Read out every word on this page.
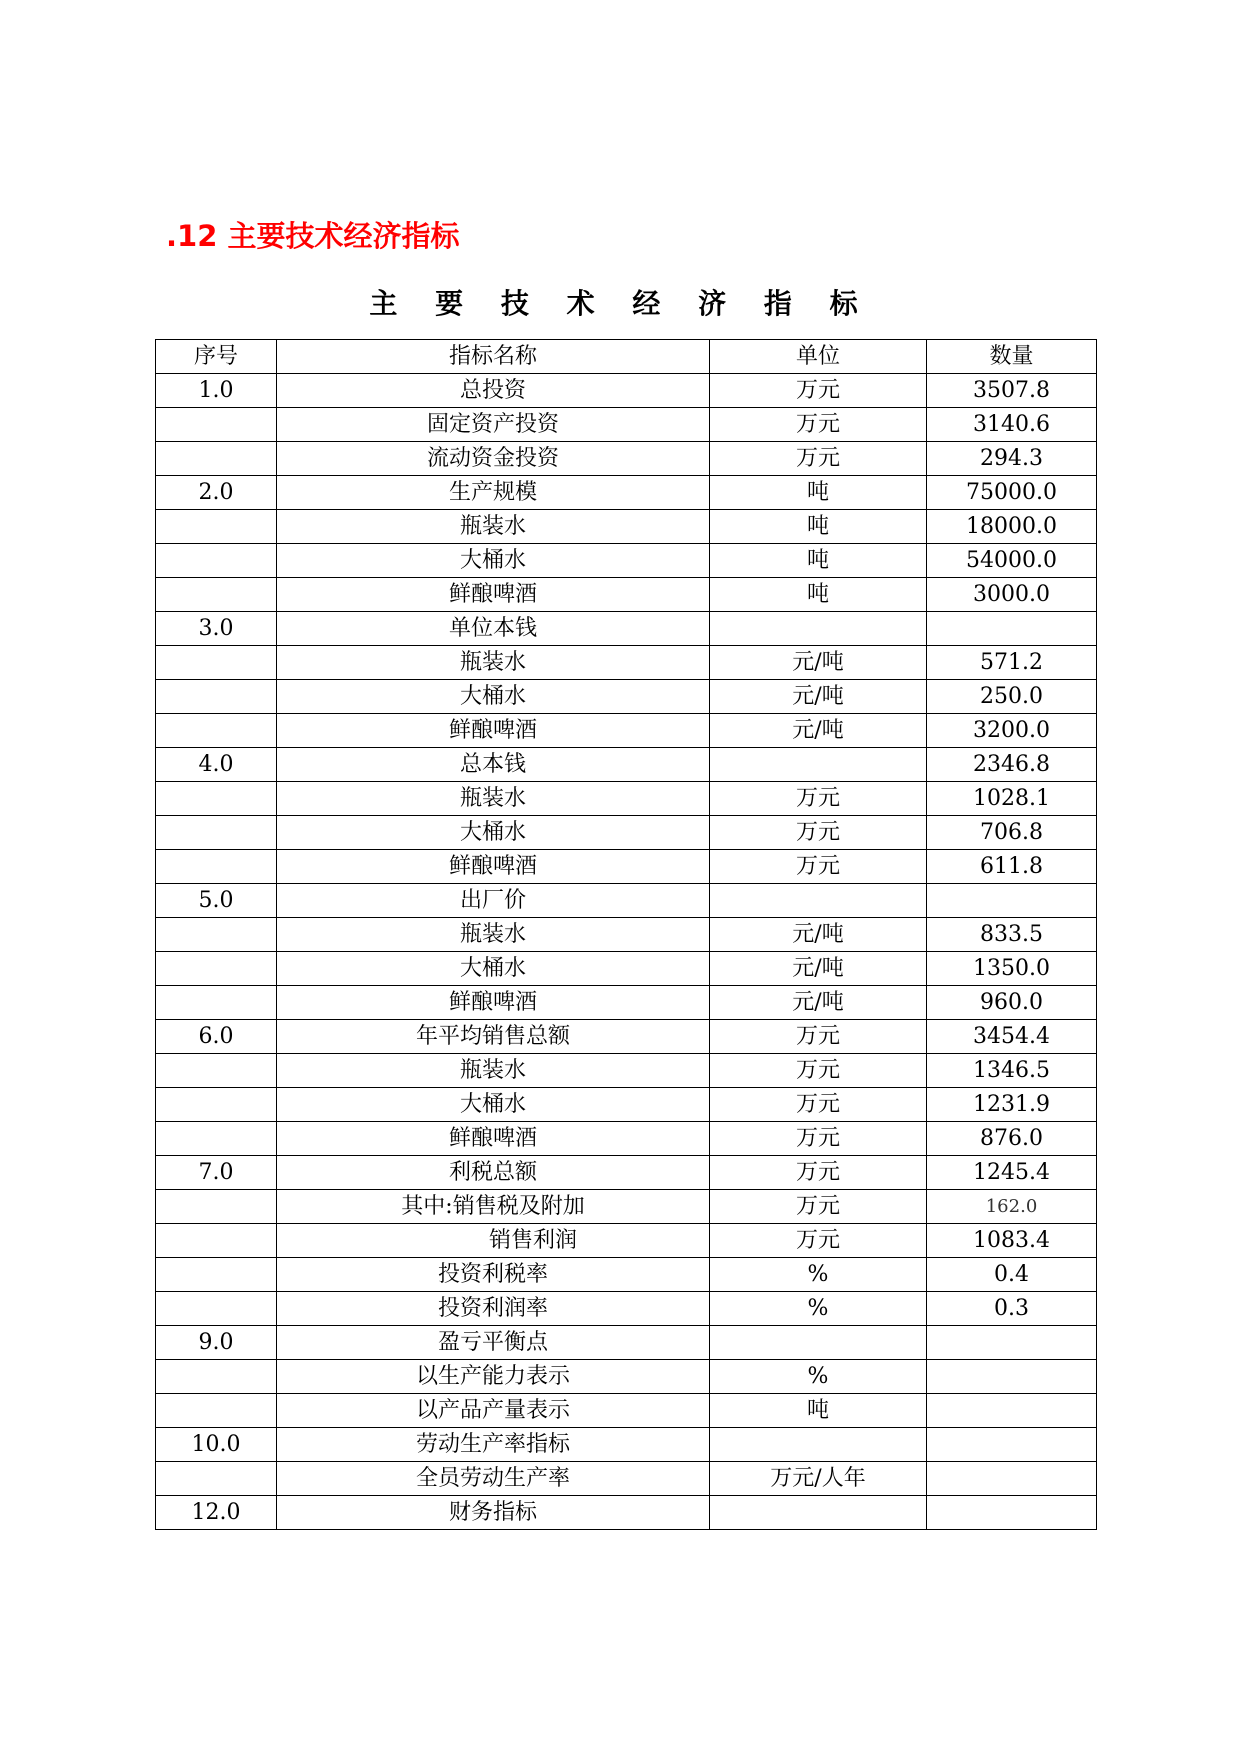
.12 主要技术经济指标
主 要 技 术 经 济 指 标
序号	指标名称	单位	数量
1.0	总投资	万元	3507.8
	固定资产投资	万元	3140.6
	流动资金投资	万元	294.3
2.0	生产规模	吨	75000.0
	瓶装水	吨	18000.0
	大桶水	吨	54000.0
	鲜酿啤酒	吨	3000.0
3.0	单位本钱		
	瓶装水	元/吨	571.2
	大桶水	元/吨	250.0
	鲜酿啤酒	元/吨	3200.0
4.0	总本钱		2346.8
	瓶装水	万元	1028.1
	大桶水	万元	706.8
	鲜酿啤酒	万元	611.8
5.0	出厂价		
	瓶装水	元/吨	833.5
	大桶水	元/吨	1350.0
	鲜酿啤酒	元/吨	960.0
6.0	年平均销售总额	万元	3454.4
	瓶装水	万元	1346.5
	大桶水	万元	1231.9
	鲜酿啤酒	万元	876.0
7.0	利税总额	万元	1245.4
	其中:销售税及附加	万元	162.0
	销售利润	万元	1083.4
	投资利税率	%	0.4
	投资利润率	%	0.3
9.0	盈亏平衡点		
	以生产能力表示	%	
	以产品产量表示	吨	
10.0	劳动生产率指标		
	全员劳动生产率	万元/人年	
12.0	财务指标		
